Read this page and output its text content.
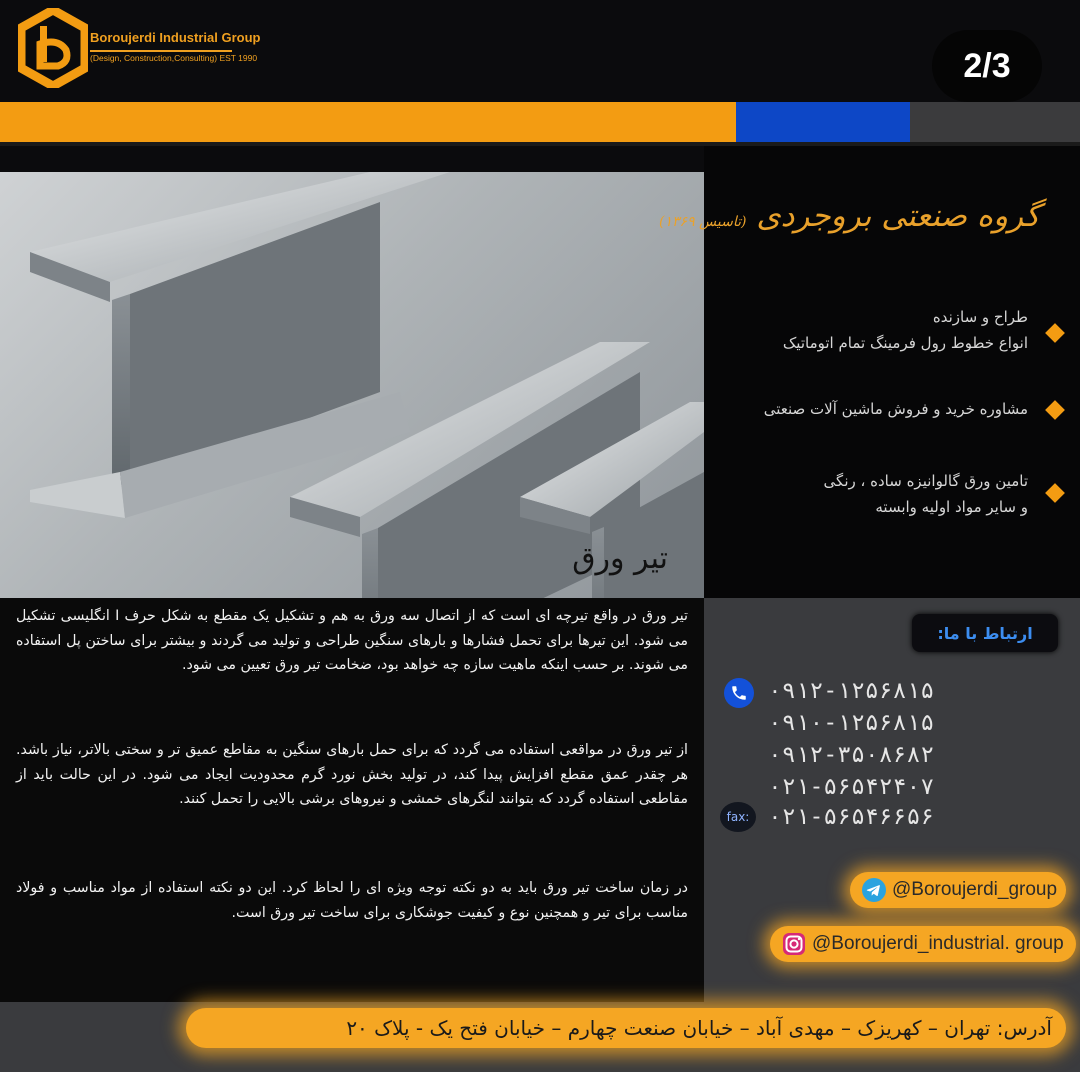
Boroujerdi Industrial Group
(Design, Construction,Consulting) EST 1990	2/3
تیر ورق
گروه صنعتی بروجردی (تاسیس ۱۳۶۹)
طراح و سازنده
انواع خطوط رول فرمینگ تمام اتوماتیک
مشاوره خرید و فروش ماشین آلات صنعتی
تامین ورق گالوانیزه ساده ، رنگی
و سایر مواد اولیه وابسته
تیر ورق در واقع تیرچه ای است که از اتصال سه ورق به هم و تشکیل یک مقطع به شکل حرف I انگلیسی تشکیل می شود. این تیرها برای تحمل فشارها و بارهای سنگین طراحی و تولید می گردند و بیشتر برای ساختن پل استفاده می شوند. بر حسب اینکه ماهیت سازه چه خواهد بود، ضخامت تیر ورق تعیین می شود.
از تیر ورق در مواقعی استفاده می گردد که برای حمل بارهای سنگین به مقاطع عمیق تر و سختی بالاتر، نیاز باشد. هر چقدر عمق مقطع افزایش پیدا کند، در تولید بخش نورد گرم محدودیت ایجاد می شود. در این حالت باید از مقاطعی استفاده گردد که بتوانند لنگرهای خمشی و نیروهای برشی بالایی را تحمل کنند.
در زمان ساخت تیر ورق باید به دو نکته توجه ویژه ای را لحاظ کرد. این دو نکته استفاده از مواد مناسب و فولاد مناسب برای تیر و همچنین نوع و کیفیت جوشکاری برای ساخت تیر ورق است.
ارتباط با ما:
۰۹۱۲-۱۲۵۶۸۱۵
۰۹۱۰-۱۲۵۶۸۱۵
۰۹۱۲-۳۵۰۸۶۸۲
۰۲۱-۵۶۵۴۲۴۰۷
fax: ۰۲۱-۵۶۵۴۶۶۵۶
@Boroujerdi_group
@Boroujerdi_industrial. group
آدرس: تهران – کهریزک – مهدی آباد – خیابان صنعت چهارم – خیابان فتح یک - پلاک ۲۰
